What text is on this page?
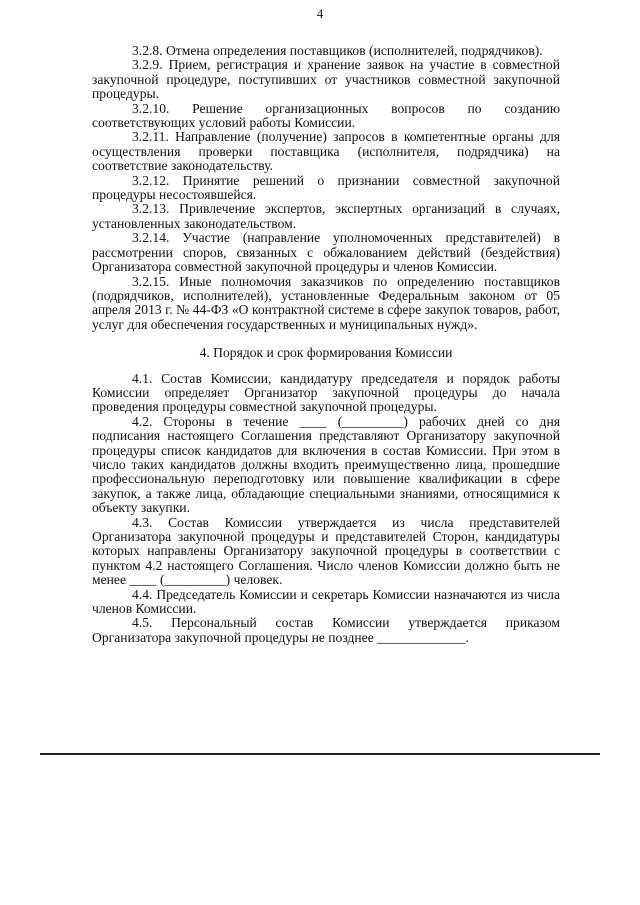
4

3.2.8. Отмена определения поставщиков (исполнителей, подрядчиков).

3.2.9. Прием, регистрация и хранение заявок на участие в совместной закупочной процедуре, поступивших от участников совместной закупочной процедуры.

3.2.10. Решение организационных вопросов по созданию соответствующих условий работы Комиссии.

3.2.11. Направление (получение) запросов в компетентные органы для осуществления проверки поставщика (исполнителя, подрядчика) на соответствие законодательству.

3.2.12. Принятие решений о признании совместной закупочной процедуры несостоявшейся.

3.2.13. Привлечение экспертов, экспертных организаций в случаях, установленных законодательством.

3.2.14. Участие (направление уполномоченных представителей) в рассмотрении споров, связанных с обжалованием действий (бездействия) Организатора совместной закупочной процедуры и членов Комиссии.

3.2.15. Иные полномочия заказчиков по определению поставщиков (подрядчиков, исполнителей), установленные Федеральным законом от 05 апреля 2013 г. № 44-ФЗ «О контрактной системе в сфере закупок товаров, работ, услуг для обеспечения государственных и муниципальных нужд».

4. Порядок и срок формирования Комиссии

4.1. Состав Комиссии, кандидатуру председателя и порядок работы Комиссии определяет Организатор закупочной процедуры до начала проведения процедуры совместной закупочной процедуры.

4.2. Стороны в течение ____ (_________) рабочих дней со дня подписания настоящего Соглашения представляют Организатору закупочной процедуры список кандидатов для включения в состав Комиссии. При этом в число таких кандидатов должны входить преимущественно лица, прошедшие профессиональную переподготовку или повышение квалификации в сфере закупок, а также лица, обладающие специальными знаниями, относящимися к объекту закупки.

4.3. Состав Комиссии утверждается из числа представителей Организатора закупочной процедуры и представителей Сторон, кандидатуры которых направлены Организатору закупочной процедуры в соответствии с пунктом 4.2 настоящего Соглашения. Число членов Комиссии должно быть не менее ____ (_________) человек.

4.4. Председатель Комиссии и секретарь Комиссии назначаются из числа членов Комиссии.

4.5. Персональный состав Комиссии утверждается приказом Организатора закупочной процедуры не позднее _____________.
